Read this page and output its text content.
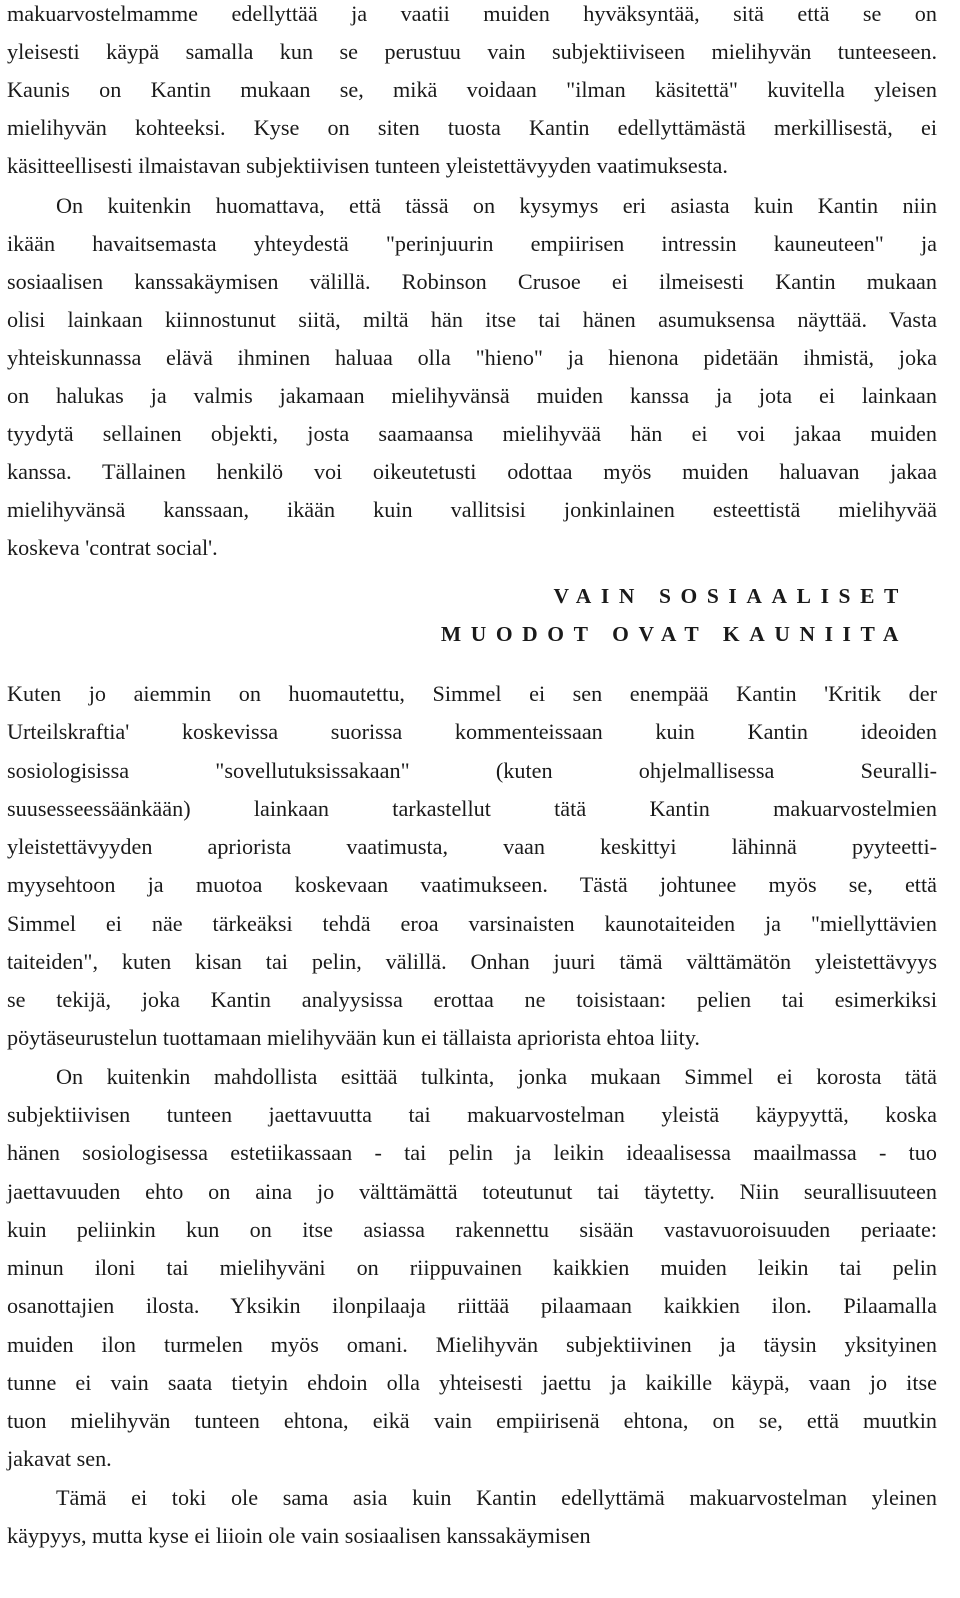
makuarvostelmamme edellyttää ja vaatii muiden hyväksyntää, sitä että se on
yleisesti käypä samalla kun se perustuu vain subjektiiviseen mielihyvän tunteeseen.
Kaunis on Kantin mukaan se, mikä voidaan "ilman käsitettä" kuvitella yleisen
mielihyvän kohteeksi. Kyse on siten tuosta Kantin edellyttämästä merkillisestä, ei
käsitteellisesti ilmaistavan subjektiivisen tunteen yleistettävyyden vaatimuksesta.
On kuitenkin huomattava, että tässä on kysymys eri asiasta kuin Kantin niin
ikään havaitsemasta yhteydestä "perinjuurin empiirisen intressin kauneuteen" ja
sosiaalisen kanssakäymisen välillä. Robinson Crusoe ei ilmeisesti Kantin mukaan
olisi lainkaan kiinnostunut siitä, miltä hän itse tai hänen asumuksensa näyttää. Vasta
yhteiskunnassa elävä ihminen haluaa olla "hieno" ja hienona pidetään ihmistä, joka
on halukas ja valmis jakamaan mielihyvänsä muiden kanssa ja jota ei lainkaan
tyydytä sellainen objekti, josta saamaansa mielihyvää hän ei voi jakaa muiden
kanssa. Tällainen henkilö voi oikeutetusti odottaa myös muiden haluavan jakaa
mielihyvänsä kanssaan, ikään kuin vallitsisi jonkinlainen esteettistä mielihyvää
koskeva 'contrat social'.
VAIN SOSIAALISET
MUODOT OVAT KAUNIITA
Kuten jo aiemmin on huomautettu, Simmel ei sen enempää Kantin 'Kritik der
Urteilskraftia' koskevissa suorissa kommenteissaan kuin Kantin ideoiden
sosiologisissa "sovellutuksissakaan" (kuten ohjelmallisessa Seuralli-
suusesseessäänkään) lainkaan tarkastellut tätä Kantin makuarvostelmien
yleistettävyyden apriorista vaatimusta, vaan keskittyi lähinnä pyyteetti-
myysehtoon ja muotoa koskevaan vaatimukseen. Tästä johtunee myös se, että
Simmel ei näe tärkeäksi tehdä eroa varsinaisten kaunotaiteiden ja "miellyttävien
taiteiden", kuten kisan tai pelin, välillä. Onhan juuri tämä välttämätön yleistettävyys
se tekijä, joka Kantin analyysissa erottaa ne toisistaan: pelien tai esimerkiksi
pöytäseurustelun tuottamaan mielihyvään kun ei tällaista apriorista ehtoa liity.
On kuitenkin mahdollista esittää tulkinta, jonka mukaan Simmel ei korosta tätä
subjektiivisen tunteen jaettavuutta tai makuarvostelman yleistä käypyyttä, koska
hänen sosiologisessa estetiikassaan - tai pelin ja leikin ideaalisessa maailmassa - tuo
jaettavuuden ehto on aina jo välttämättä toteutunut tai täytetty. Niin seurallisuuteen
kuin peliinkin kun on itse asiassa rakennettu sisään vastavuoroisuuden periaate:
minun iloni tai mielihyväni on riippuvainen kaikkien muiden leikin tai pelin
osanottajien ilosta. Yksikin ilonpilaaja riittää pilaamaan kaikkien ilon. Pilaamalla
muiden ilon turmelen myös omani. Mielihyvän subjektiivinen ja täysin yksityinen
tunne ei vain saata tietyin ehdoin olla yhteisesti jaettu ja kaikille käypä, vaan jo itse
tuon mielihyvän tunteen ehtona, eikä vain empiirisenä ehtona, on se, että muutkin
jakavat sen.
Tämä ei toki ole sama asia kuin Kantin edellyttämä makuarvostelman yleinen
käypyys, mutta kyse ei liioin ole vain sosiaalisen kanssakäymisen
